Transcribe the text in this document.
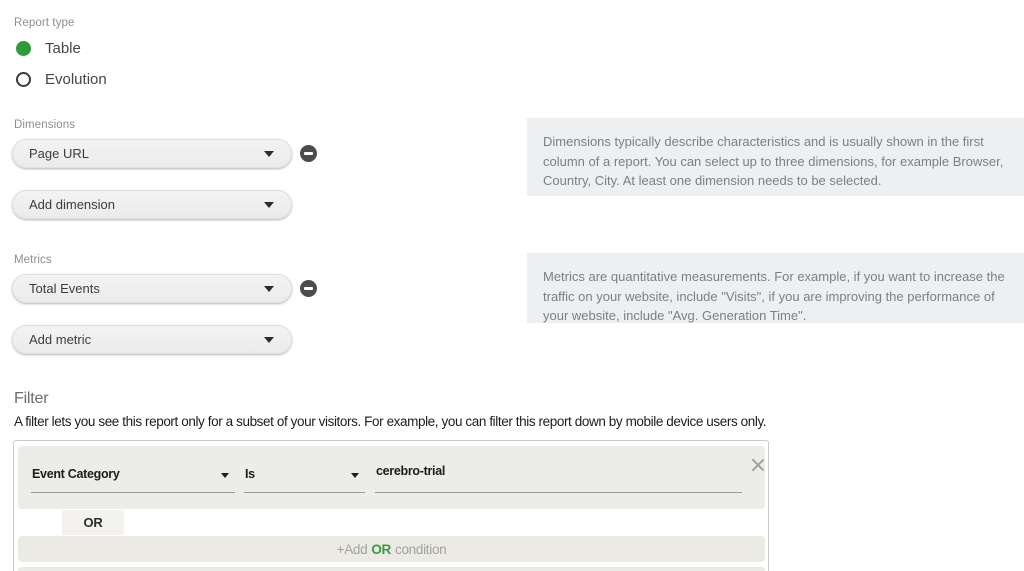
Report type
Table
Evolution
Dimensions
Page URL
Add dimension
Dimensions typically describe characteristics and is usually shown in the first column of a report. You can select up to three dimensions, for example Browser, Country, City. At least one dimension needs to be selected.
Metrics
Total Events
Add metric
Metrics are quantitative measurements. For example, if you want to increase the traffic on your website, include "Visits", if you are improving the performance of your website, include "Avg. Generation Time".
Filter
A filter lets you see this report only for a subset of your visitors. For example, you can filter this report down by mobile device users only.
Event Category	Is
cerebro-trial
OR
+Add OR condition
